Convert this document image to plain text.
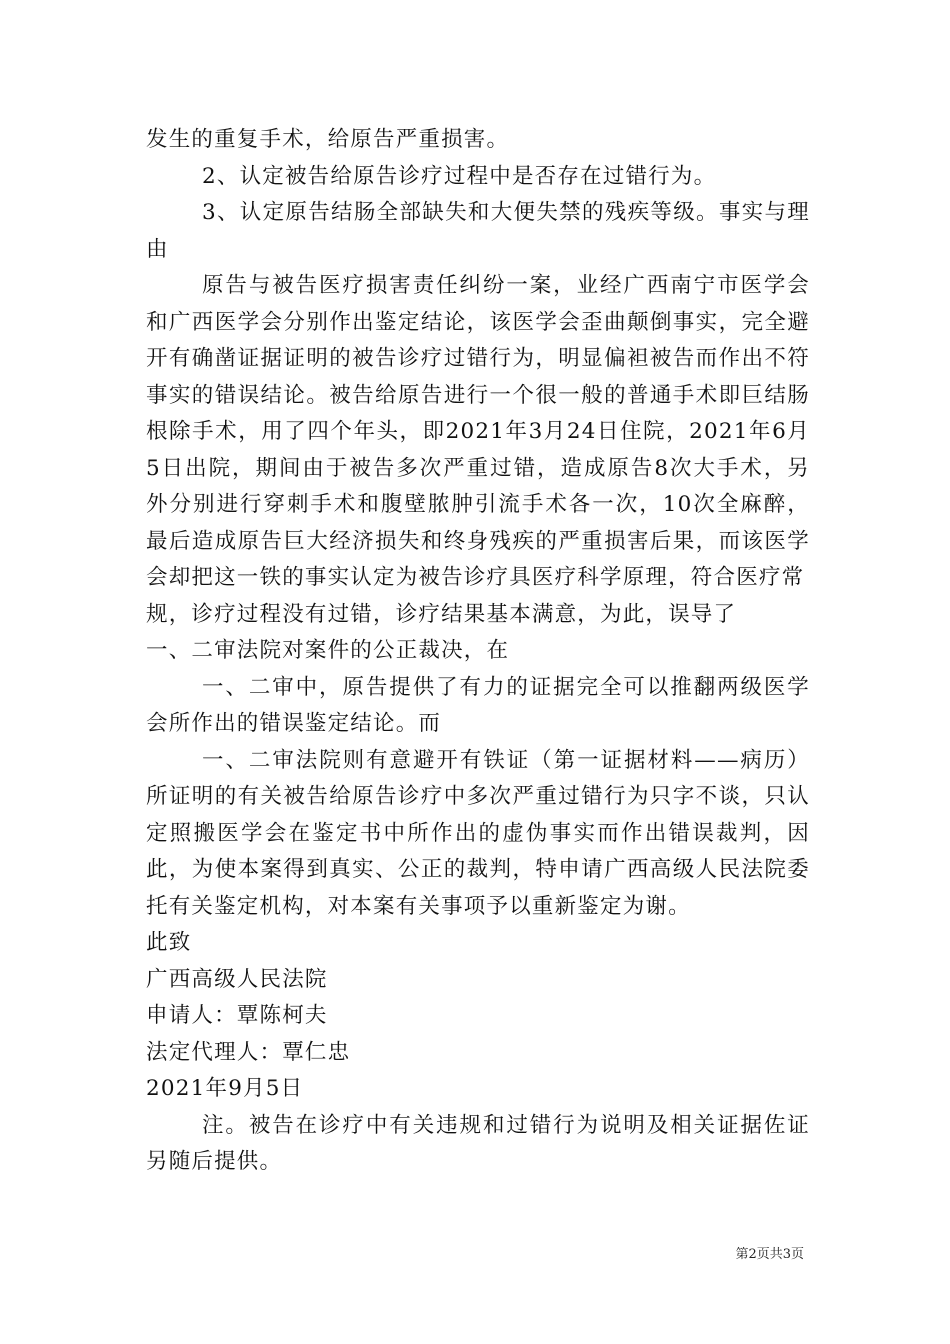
发生的重复手术，给原告严重损害。

2、认定被告给原告诊疗过程中是否存在过错行为。

3、认定原告结肠全部缺失和大便失禁的残疾等级。事实与理由

原告与被告医疗损害责任纠纷一案，业经广西南宁市医学会和广西医学会分别作出鉴定结论，该医学会歪曲颠倒事实，完全避开有确凿证据证明的被告诊疗过错行为，明显偏袒被告而作出不符事实的错误结论。被告给原告进行一个很一般的普通手术即巨结肠根除手术，用了四个年头，即2021年3月24日住院，2021年6月5日出院，期间由于被告多次严重过错，造成原告8次大手术，另外分别进行穿刺手术和腹壁脓肿引流手术各一次，10次全麻醉，最后造成原告巨大经济损失和终身残疾的严重损害后果，而该医学会却把这一铁的事实认定为被告诊疗具医疗科学原理，符合医疗常

规，诊疗过程没有过错，诊疗结果基本满意，为此，误导了

一、二审法院对案件的公正裁决，在

一、二审中，原告提供了有力的证据完全可以推翻两级医学会所作出的错误鉴定结论。而

一、二审法院则有意避开有铁证（第一证据材料——病历）所证明的有关被告给原告诊疗中多次严重过错行为只字不谈，只认定照搬医学会在鉴定书中所作出的虚伪事实而作出错误裁判，因此，为使本案得到真实、公正的裁判，特申请广西高级人民法院委托有关鉴定机构，对本案有关事项予以重新鉴定为谢。

此致

广西高级人民法院

申请人：覃陈柯夫

法定代理人：覃仁忠

2021年9月5日

注。被告在诊疗中有关违规和过错行为说明及相关证据佐证另随后提供。

第2页共3页
